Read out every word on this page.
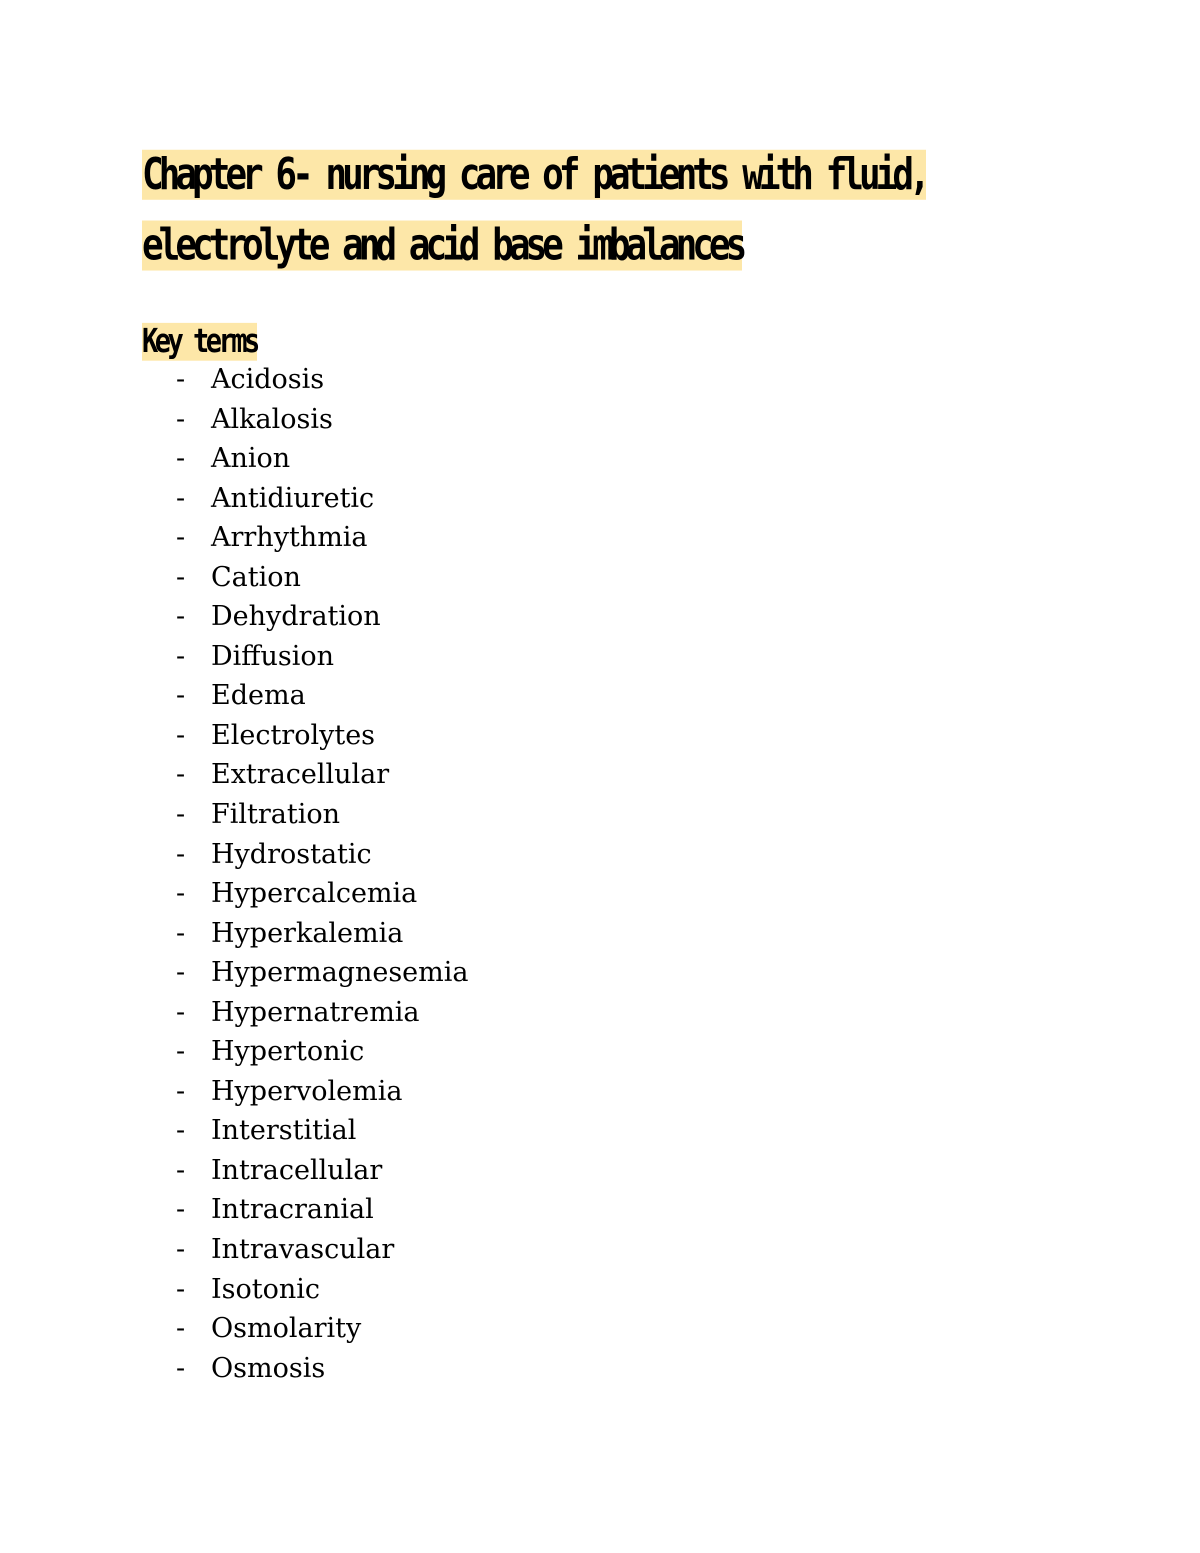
Chapter 6- nursing care of patients with fluid, electrolyte and acid base imbalances
Key terms
- Acidosis
- Alkalosis
- Anion
- Antidiuretic
- Arrhythmia
- Cation
- Dehydration
- Diffusion
- Edema
- Electrolytes
- Extracellular
- Filtration
- Hydrostatic
- Hypercalcemia
- Hyperkalemia
- Hypermagnesemia
- Hypernatremia
- Hypertonic
- Hypervolemia
- Interstitial
- Intracellular
- Intracranial
- Intravascular
- Isotonic
- Osmolarity
- Osmosis
